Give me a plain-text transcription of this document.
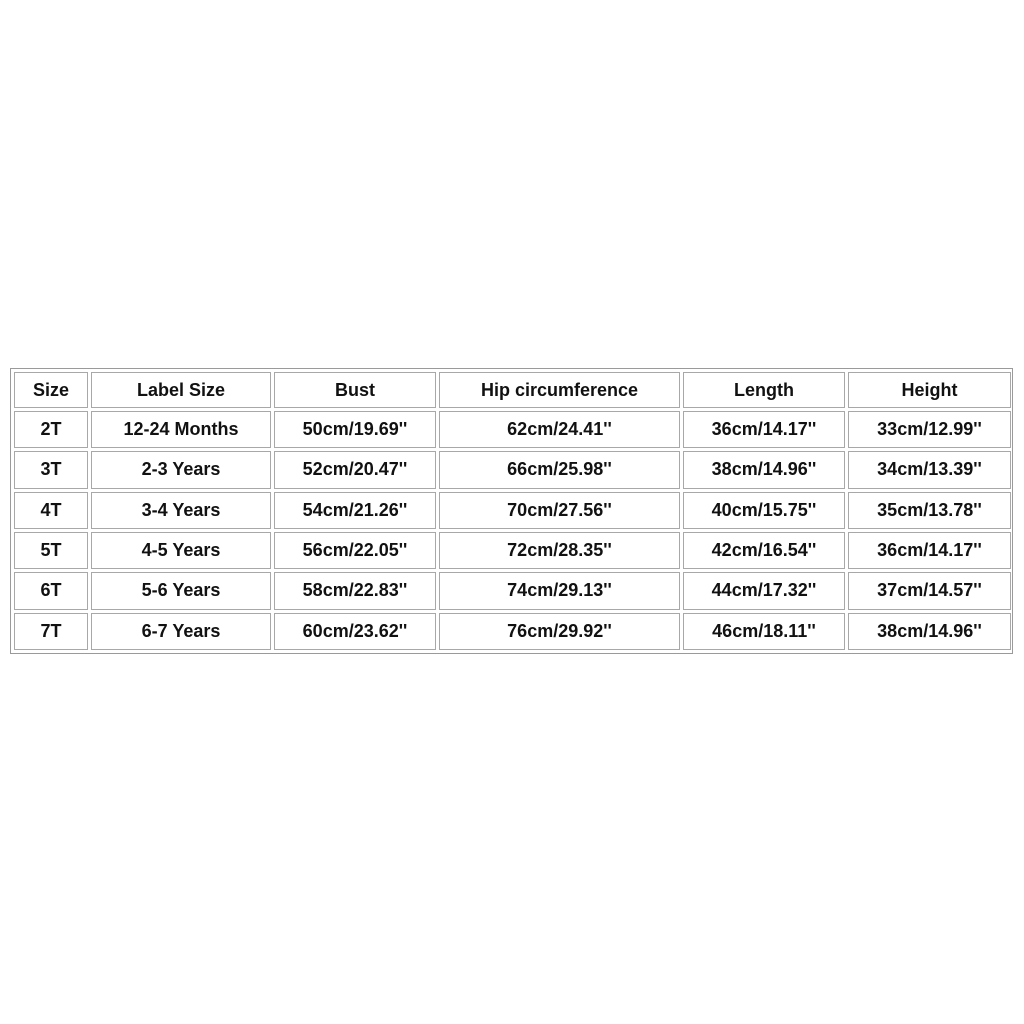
Size	Label Size	Bust	Hip circumference	Length	Height
2T	12-24 Months	50cm/19.69''	62cm/24.41''	36cm/14.17''	33cm/12.99''
3T	2-3 Years	52cm/20.47''	66cm/25.98''	38cm/14.96''	34cm/13.39''
4T	3-4 Years	54cm/21.26''	70cm/27.56''	40cm/15.75''	35cm/13.78''
5T	4-5 Years	56cm/22.05''	72cm/28.35''	42cm/16.54''	36cm/14.17''
6T	5-6 Years	58cm/22.83''	74cm/29.13''	44cm/17.32''	37cm/14.57''
7T	6-7 Years	60cm/23.62''	76cm/29.92''	46cm/18.11''	38cm/14.96''
